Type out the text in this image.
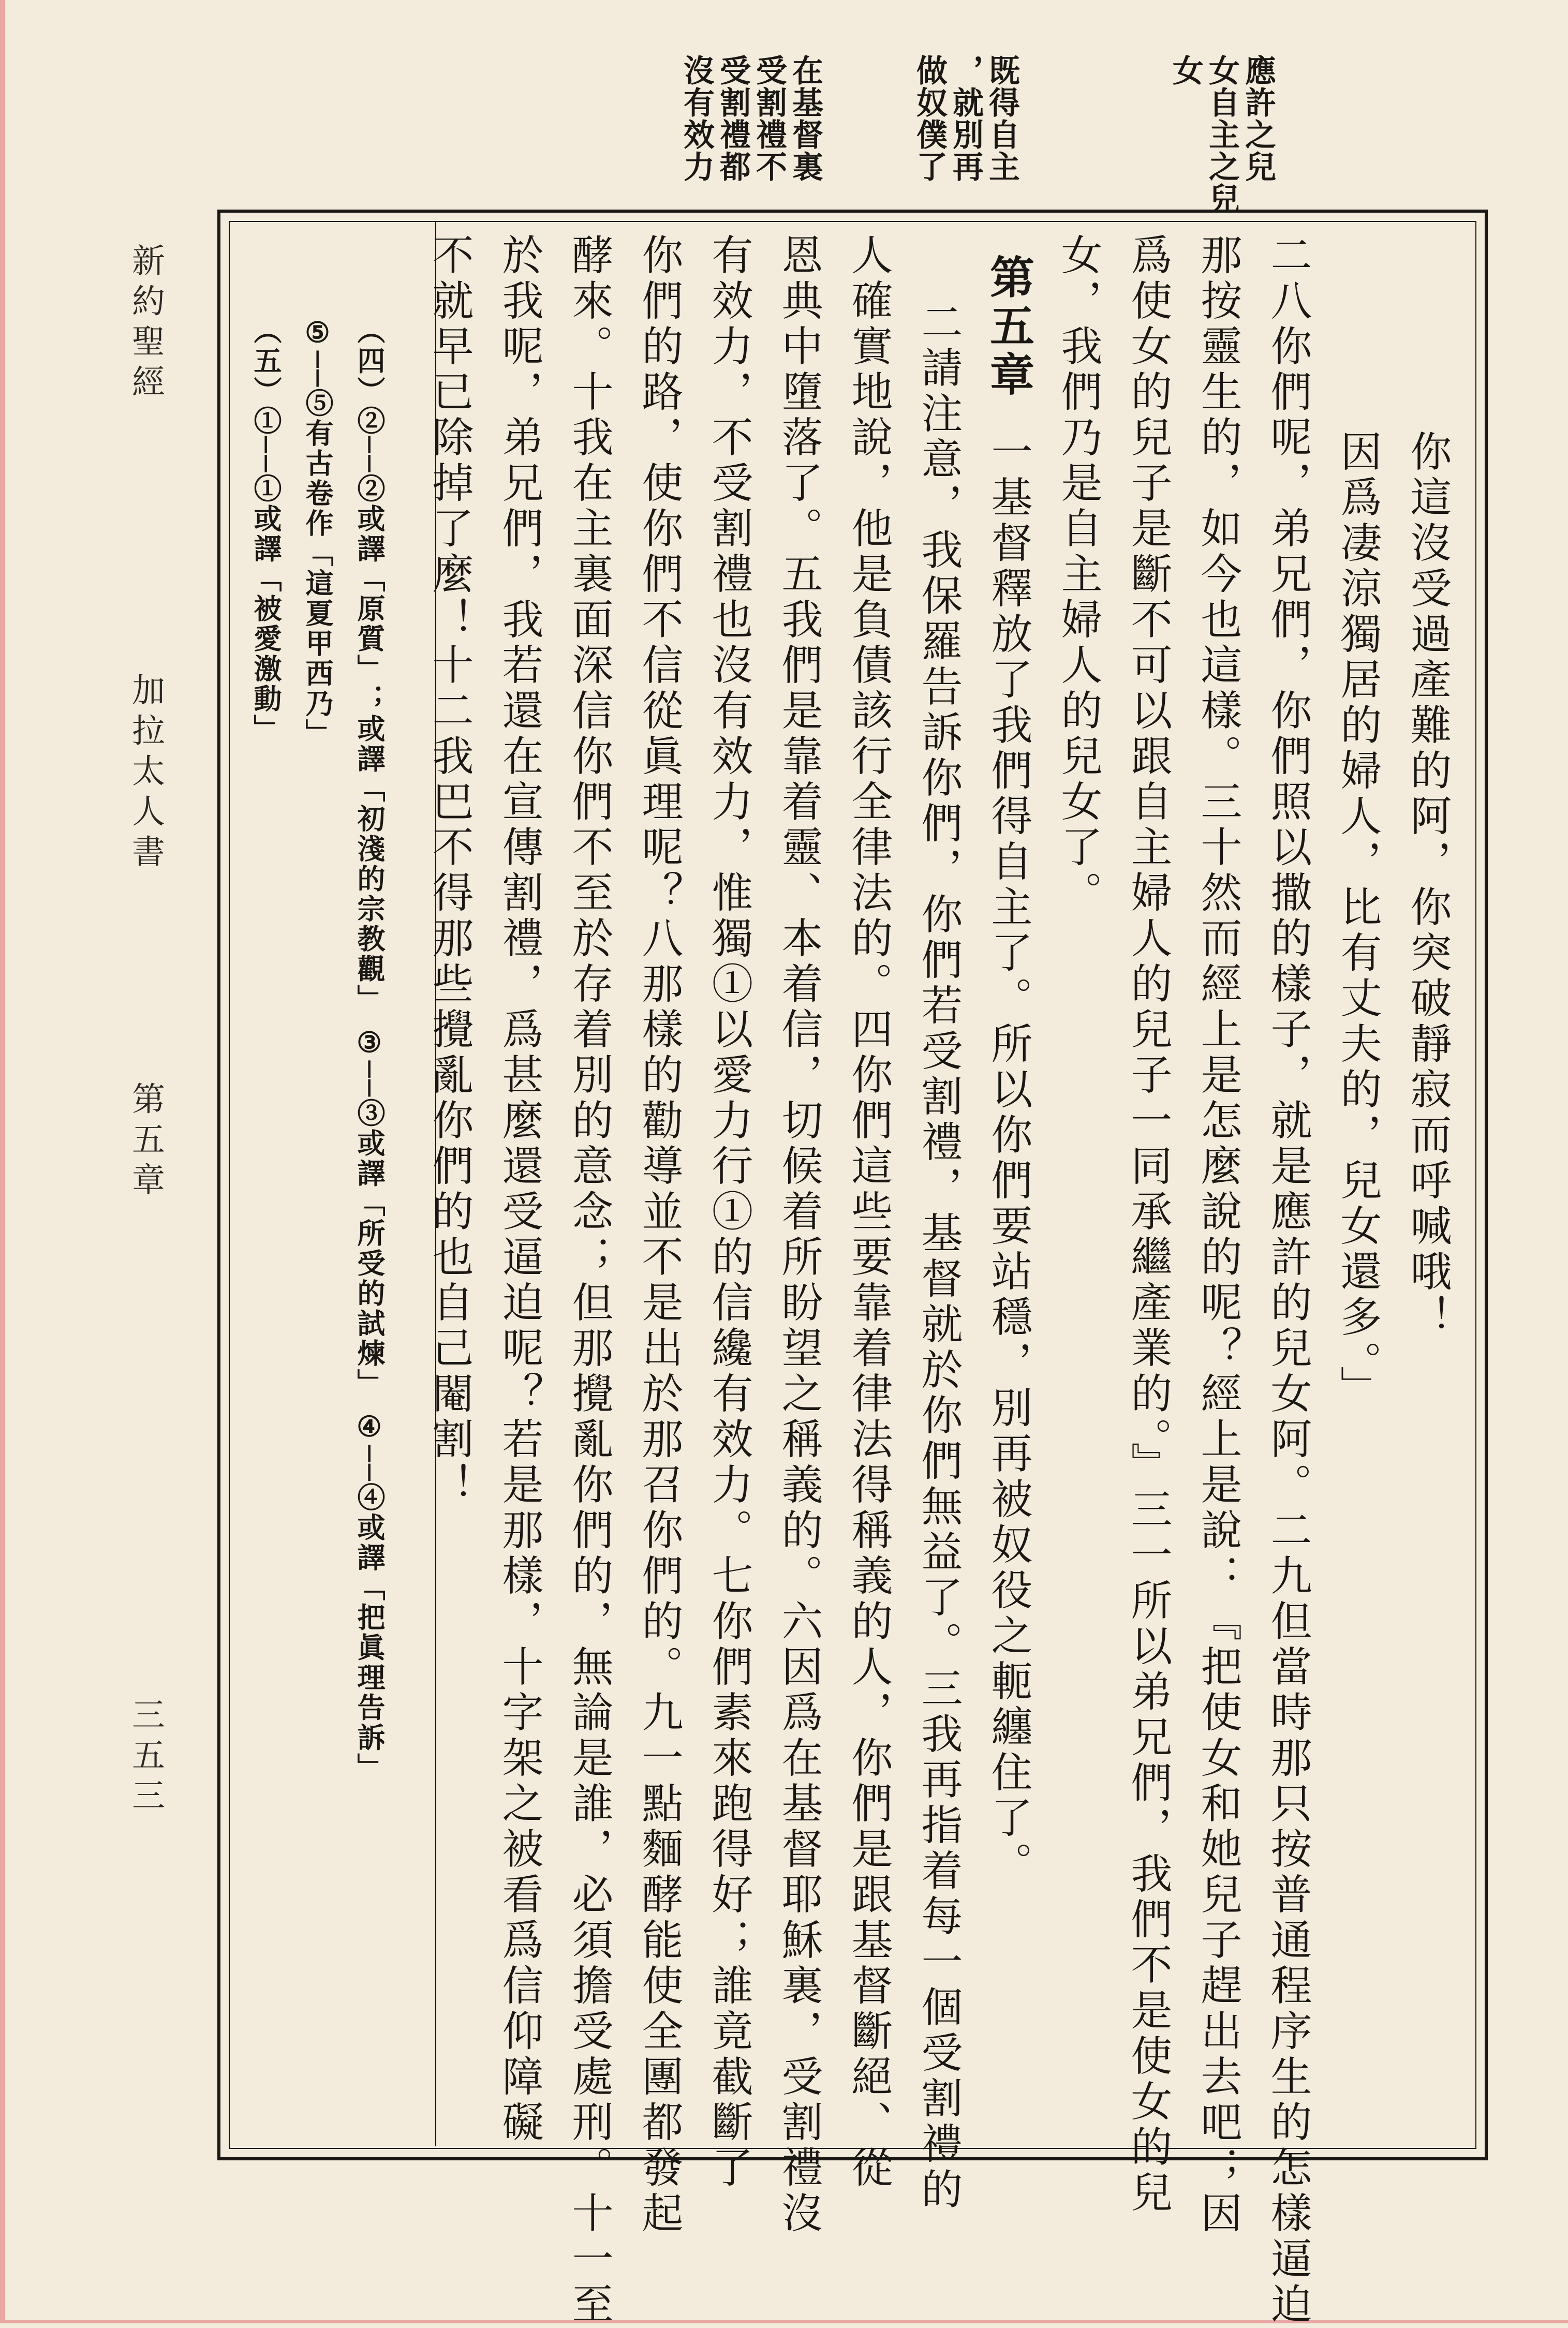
新約聖經
加拉太人書
第五章
三五三
在基督裏
受割禮不
受割禮都
沒有效力	既得自主
，就別再
做奴僕了	應許之兒
女自主之兒
女
你這沒受過產難的阿，你突破靜寂而呼喊哦！
因爲凄涼獨居的婦人，比有丈夫的，兒女還多。」
二八你們呢，弟兄們，你們照以撒的樣子，就是應許的兒女阿。二九但當時那只按普通程序生的怎樣逼迫
那按靈生的，如今也這樣。三十然而經上是怎麼說的呢？經上是說：『把使女和她兒子趕出去吧；因
爲使女的兒子是斷不可以跟自主婦人的兒子一同承繼產業的。』三一所以弟兄們，我們不是使女的兒
女，我們乃是自主婦人的兒女了。
第五章
一基督釋放了我們得自主了。所以你們要站穩，別再被奴役之軛纏住了。
二請注意，我保羅告訴你們，你們若受割禮，基督就於你們無益了。三我再指着每一個受割禮的
人確實地說，他是負債該行全律法的。四你們這些要靠着律法得稱義的人，你們是跟基督斷絕、從
恩典中墮落了。五我們是靠着靈、本着信，切候着所盼望之稱義的。六因爲在基督耶穌裏，受割禮沒
有效力，不受割禮也沒有效力，惟獨①以愛力行①的信纔有效力。七你們素來跑得好；誰竟截斷了
你們的路，使你們不信從眞理呢？八那樣的勸導並不是出於那召你們的。九一點麵酵能使全團都發起
酵來。十我在主裏面深信你們不至於存着別的意念；但那攪亂你們的，無論是誰，必須擔受處刑。十一至
於我呢，弟兄們，我若還在宣傳割禮，爲甚麼還受逼迫呢？若是那樣，十字架之被看爲信仰障礙
不就早已除掉了麼！十二我巴不得那些攪亂你們的也自己閹割！
（四）②──②或譯「原質」；或譯「初淺的宗教觀」 ③──③或譯「所受的試煉」 ④──④或譯「把眞理告訴」
⑤──⑤有古卷作「這夏甲西乃」
（五）①──①或譯「被愛激動」
